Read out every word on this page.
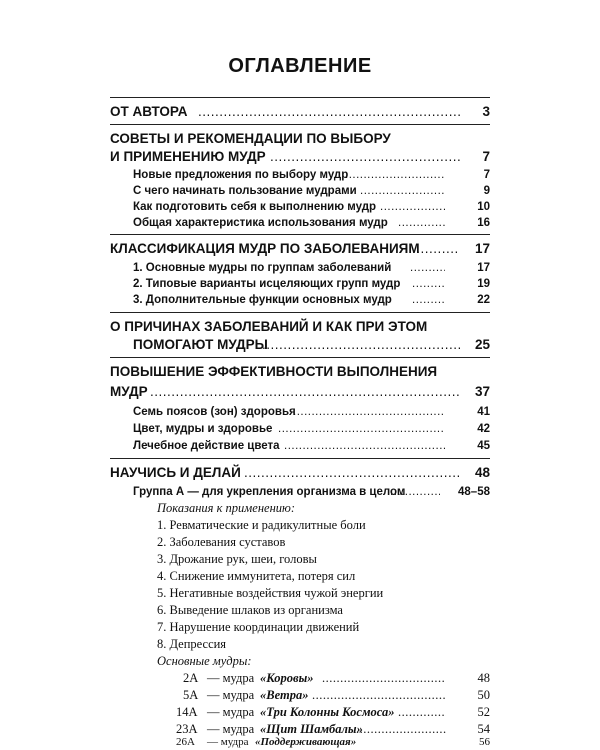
ОГЛАВЛЕНИЕ
ОТ АВТОРА .....	3
СОВЕТЫ И РЕКОМЕНДАЦИИ ПО ВЫБОРУ
И ПРИМЕНЕНИЮ МУДР .....	7
Новые предложения по выбору мудр .....	7
С чего начинать пользование мудрами .....	9
Как подготовить себя к выполнению мудр .....	10
Общая характеристика использования мудр .....	16
КЛАССИФИКАЦИЯ МУДР ПО ЗАБОЛЕВАНИЯМ .....	17
1. Основные мудры по группам заболеваний .....	17
2. Типовые варианты исцеляющих групп мудр .....	19
3. Дополнительные функции основных мудр .....	22
О ПРИЧИНАХ ЗАБОЛЕВАНИЙ И КАК ПРИ ЭТОМ
ПОМОГАЮТ МУДРЫ .....	25
ПОВЫШЕНИЕ ЭФФЕКТИВНОСТИ ВЫПОЛНЕНИЯ
МУДР .....	37
Семь поясов (зон) здоровья .....	41
Цвет, мудры и здоровье .....	42
Лечебное действие цвета .....	45
НАУЧИСЬ И ДЕЛАЙ .....	48
Группа А — для укрепления организма в целом .....	48–58
Показания к применению:
1. Ревматические и радикулитные боли
2. Заболевания суставов
3. Дрожание рук, шеи, головы
4. Снижение иммунитета, потеря сил
5. Негативные воздействия чужой энергии
6. Выведение шлаков из организма
7. Нарушение координации движений
8. Депрессия
Основные мудры:
2А — мудра «Коровы» .....	48
5А — мудра «Ветра» .....	50
14А — мудра «Три Колонны Космоса» .....	52
23А — мудра «Щит Шамбалы» .....	54
26А — мудра «Поддерживающая»	56
